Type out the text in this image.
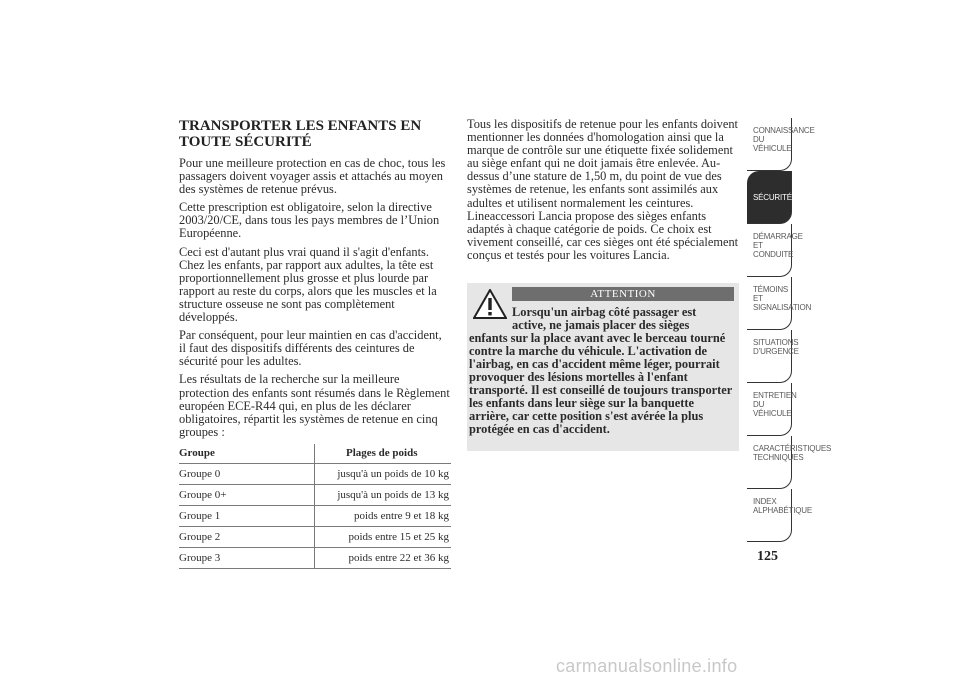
TRANSPORTER LES ENFANTS EN
TOUTE SÉCURITÉ

Pour une meilleure protection en cas de choc, tous les passagers doivent voyager assis et attachés au moyen des systèmes de retenue prévus.

Cette prescription est obligatoire, selon la directive 2003/20/CE, dans tous les pays membres de l’Union Européenne.

Ceci est d'autant plus vrai quand il s'agit d'enfants. Chez les enfants, par rapport aux adultes, la tête est proportionnellement plus grosse et plus lourde par rapport au reste du corps, alors que les muscles et la structure osseuse ne sont pas complètement développés.

Par conséquent, pour leur maintien en cas d'accident, il faut des dispositifs différents des ceintures de sécurité pour les adultes.

Les résultats de la recherche sur la meilleure protection des enfants sont résumés dans le Règlement européen ECE-R44 qui, en plus de les déclarer obligatoires, répartit les systèmes de retenue en cinq groupes :

Groupe	Plages de poids
Groupe 0	jusqu'à un poids de 10 kg
Groupe 0+	jusqu'à un poids de 13 kg
Groupe 1	poids entre 9 et 18 kg
Groupe 2	poids entre 15 et 25 kg
Groupe 3	poids entre 22 et 36 kg

Tous les dispositifs de retenue pour les enfants doivent mentionner les données d'homologation ainsi que la marque de contrôle sur une étiquette fixée solidement au siège enfant qui ne doit jamais être enlevée. Au-dessus d’une stature de 1,50 m, du point de vue des systèmes de retenue, les enfants sont assimilés aux adultes et utilisent normalement les ceintures. Lineaccessori Lancia propose des sièges enfants adaptés à chaque catégorie de poids. Ce choix est vivement conseillé, car ces sièges ont été spécialement conçus et testés pour les voitures Lancia.

ATTENTION
Lorsqu'un airbag côté passager est
active, ne jamais placer des sièges
enfants sur la place avant avec le berceau tourné contre la marche du véhicule. L'activation de l'airbag, en cas d'accident même léger, pourrait provoquer des lésions mortelles à l'enfant transporté. Il est conseillé de toujours transporter les enfants dans leur siège sur la banquette arrière, car cette position s'est avérée la plus protégée en cas d'accident.
CONNAISSANCE DU
VÉHICULE
SÉCURITÉ
DÉMARRAGE ET
CONDUITE
TÉMOINS ET
SIGNALISATION
SITUATIONS
D’URGENCE
ENTRETIEN DU
VÉHICULE
CARACTÉRISTIQUES
TECHNIQUES
INDEX
ALPHABÉTIQUE
125
carmanualsonline.info
